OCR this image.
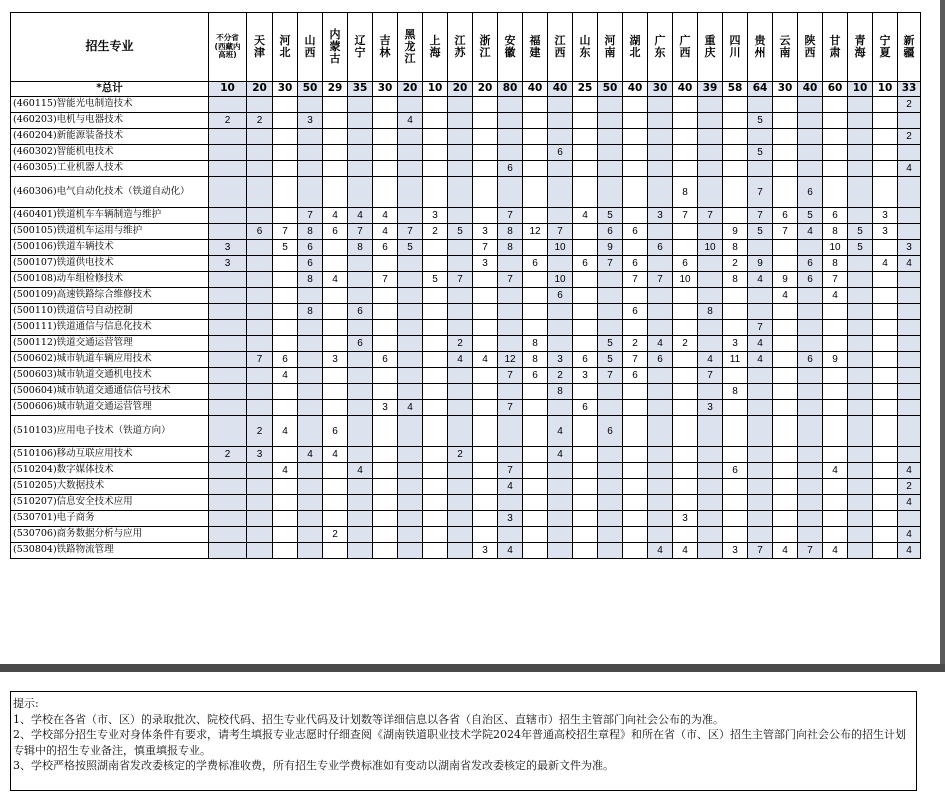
招生专业	不分省(西藏内高班)	天津	河北	山西	内蒙古	辽宁	吉林	黑龙江	上海	江苏	浙江	安徽	福建	江西	山东	河南	湖北	广东	广西	重庆	四川	贵州	云南	陕西	甘肃	青海	宁夏	新疆
*总计	10	20	30	50	29	35	30	20	10	20	20	80	40	40	25	50	40	30	40	39	58	64	30	40	60	10	10	33
(460115)智能光电制造技术																												2
(460203)电机与电器技术	2	2		3				4														5						
(460204)新能源装备技术																												2
(460302)智能机电技术														6								5						
(460305)工业机器人技术												6																4
(460306)电气自动化技术（铁道自动化）																			8			7		6				
(460401)铁道机车车辆制造与维护				7	4	4	4		3			7			4	5		3	7	7		7	6	5	6		3	
(500105)铁道机车运用与维护		6	7	8	6	7	4	7	2	5	3	8	12	7		6	6				9	5	7	4	8	5	3	
(500106)铁道车辆技术	3		5	6		8	6	5			7	8		10		9		6		10	8				10	5		3
(500107)铁道供电技术	3			6							3		6		6	7	6		6		2	9		6	8		4	4
(500108)动车组检修技术				8	4		7		5	7		7		10			7	7	10		8	4	9	6	7			
(500109)高速铁路综合维修技术														6									4		4			
(500110)铁道信号自动控制				8		6											6			8								
(500111)铁道通信与信息化技术																						7						
(500112)铁道交通运营管理						6				2			8			5	2	4	2		3	4						
(500602)城市轨道车辆应用技术		7	6		3		6			4	4	12	8	3	6	5	7	6		4	11	4		6	9			
(500603)城市轨道交通机电技术			4									7	6	2	3	7	6			7								
(500604)城市轨道交通通信信号技术														8							8							
(500606)城市轨道交通运营管理							3	4				7			6					3								
(510103)应用电子技术（铁道方向）		2	4		6									4		6												
(510106)移动互联应用技术	2	3		4	4					2				4														
(510204)数字媒体技术			4			4						7									6				4			4
(510205)大数据技术												4																2
(510207)信息安全技术应用																												4
(530701)电子商务												3							3									
(530706)商务数据分析与应用					2																							4
(530804)铁路物流管理											3	4						4	4		3	7	4	7	4			4
提示:
1、学校在各省（市、区）的录取批次、院校代码、招生专业代码及计划数等详细信息以各省（自治区、直辖市）招生主管部门向社会公布的为准。
2、学校部分招生专业对身体条件有要求，请考生填报专业志愿时仔细查阅《湖南铁道职业技术学院2024年普通高校招生章程》和所在省（市、区）招生主管部门向社会公布的招生计划专辑中的招生专业备注，慎重填报专业。
3、学校严格按照湖南省发改委核定的学费标准收费，所有招生专业学费标准如有变动以湖南省发改委核定的最新文件为准。
